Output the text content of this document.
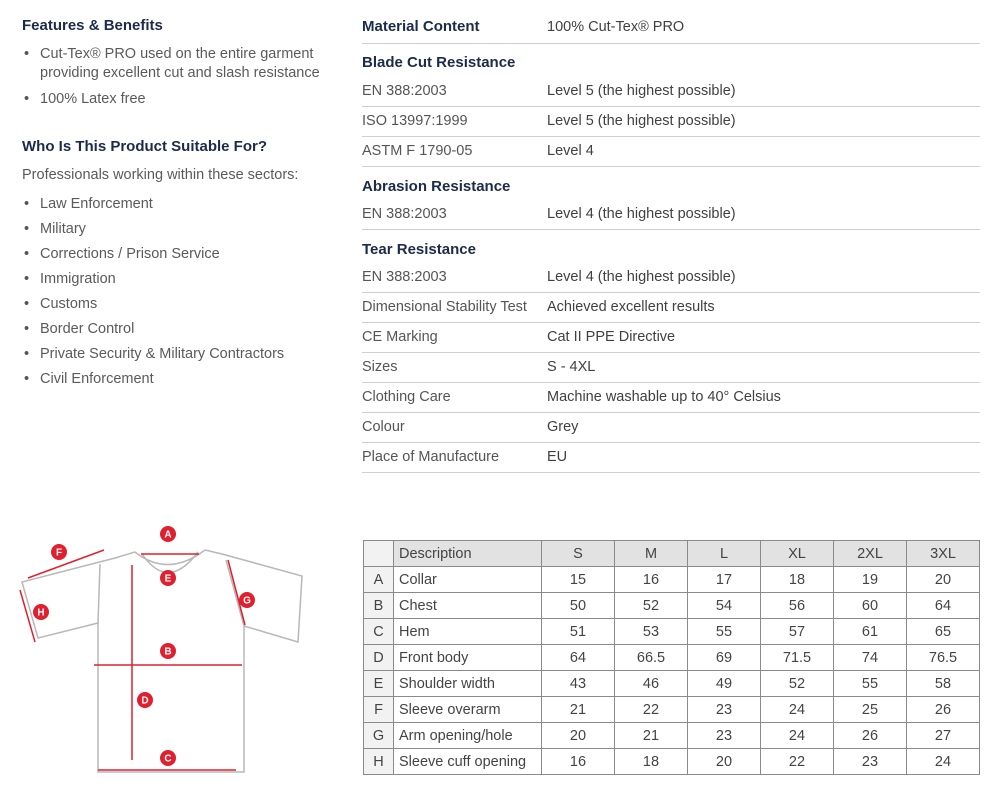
Features & Benefits
• Cut-Tex® PRO used on the entire garment providing excellent cut and slash resistance
• 100% Latex free
Who Is This Product Suitable For?
Professionals working within these sectors:
• Law Enforcement
• Military
• Corrections / Prison Service
• Immigration
• Customs
• Border Control
• Private Security & Military Contractors
• Civil Enforcement
Material Content	100% Cut-Tex® PRO
Blade Cut Resistance
EN 388:2003	Level 5 (the highest possible)
ISO 13997:1999	Level 5 (the highest possible)
ASTM F 1790-05	Level 4
Abrasion Resistance
EN 388:2003	Level 4 (the highest possible)
Tear Resistance
EN 388:2003	Level 4 (the highest possible)
Dimensional Stability Test Achieved excellent results
CE Marking	Cat II PPE Directive
Sizes	S - 4XL
Clothing Care	Machine washable up to 40° Celsius
Colour	Grey
Place of Manufacture	EU
A
B
C
D
E
F
G
H
	Description	S	M	L	XL	2XL	3XL
A	Collar	15	16	17	18	19	20
B	Chest	50	52	54	56	60	64
C	Hem	51	53	55	57	61	65
D	Front body	64	66.5	69	71.5	74	76.5
E	Shoulder width	43	46	49	52	55	58
F	Sleeve overarm	21	22	23	24	25	26
G	Arm opening/hole	20	21	23	24	26	27
H	Sleeve cuff opening	16	18	20	22	23	24
